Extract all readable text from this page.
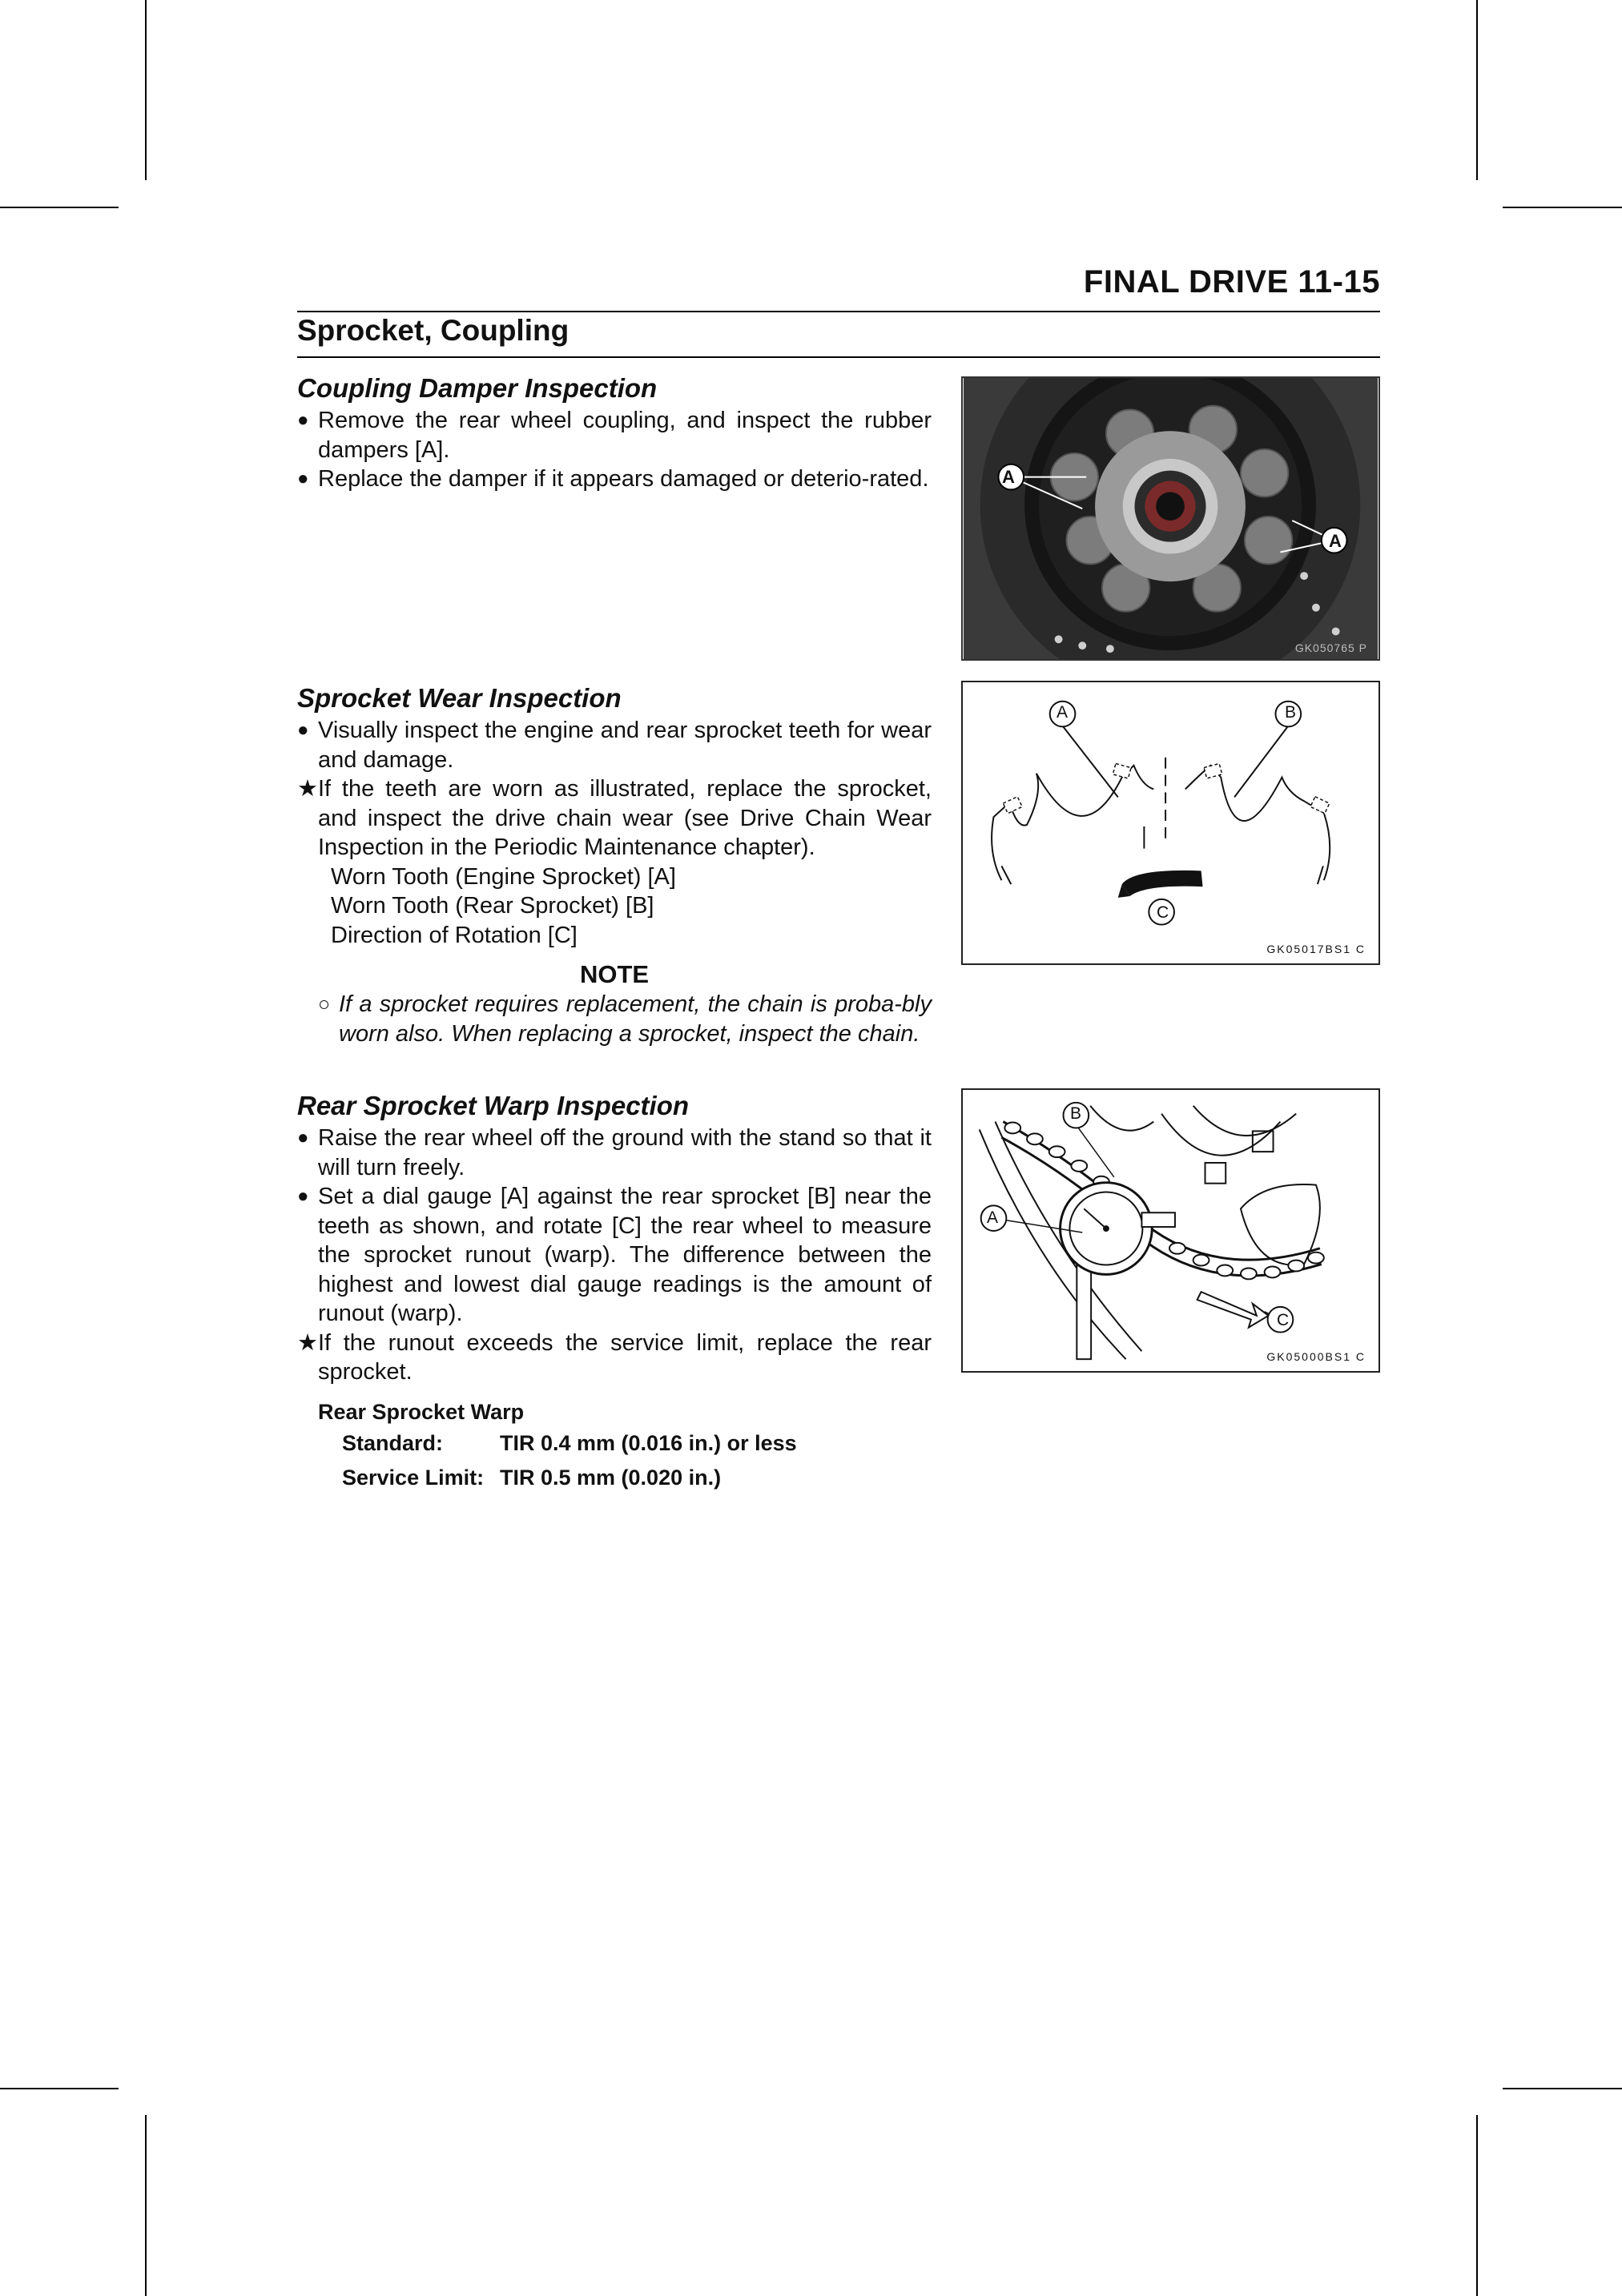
FINAL DRIVE 11-15
Sprocket, Coupling
Coupling Damper Inspection
● Remove the rear wheel coupling, and inspect the rubber dampers [A].
● Replace the damper if it appears damaged or deterio-rated.	A
A
GK050765 P
Sprocket Wear Inspection
● Visually inspect the engine and rear sprocket teeth for wear and damage.
★ If the teeth are worn as illustrated, replace the sprocket, and inspect the drive chain wear (see Drive Chain Wear Inspection in the Periodic Maintenance chapter).
Worn Tooth (Engine Sprocket) [A]
Worn Tooth (Rear Sprocket) [B]
Direction of Rotation [C]
NOTE
○ If a sprocket requires replacement, the chain is proba-bly worn also. When replacing a sprocket, inspect the chain.
A	B
C
GK05017BS1 C
Rear Sprocket Warp Inspection
● Raise the rear wheel off the ground with the stand so that it will turn freely.
● Set a dial gauge [A] against the rear sprocket [B] near the teeth as shown, and rotate [C] the rear wheel to measure the sprocket runout (warp). The difference between the highest and lowest dial gauge readings is the amount of runout (warp).
★ If the runout exceeds the service limit, replace the rear sprocket.
A
B
C
GK05000BS1 C
Rear Sprocket Warp
Standard:	TIR 0.4 mm (0.016 in.) or less
Service Limit: TIR 0.5 mm (0.020 in.)
